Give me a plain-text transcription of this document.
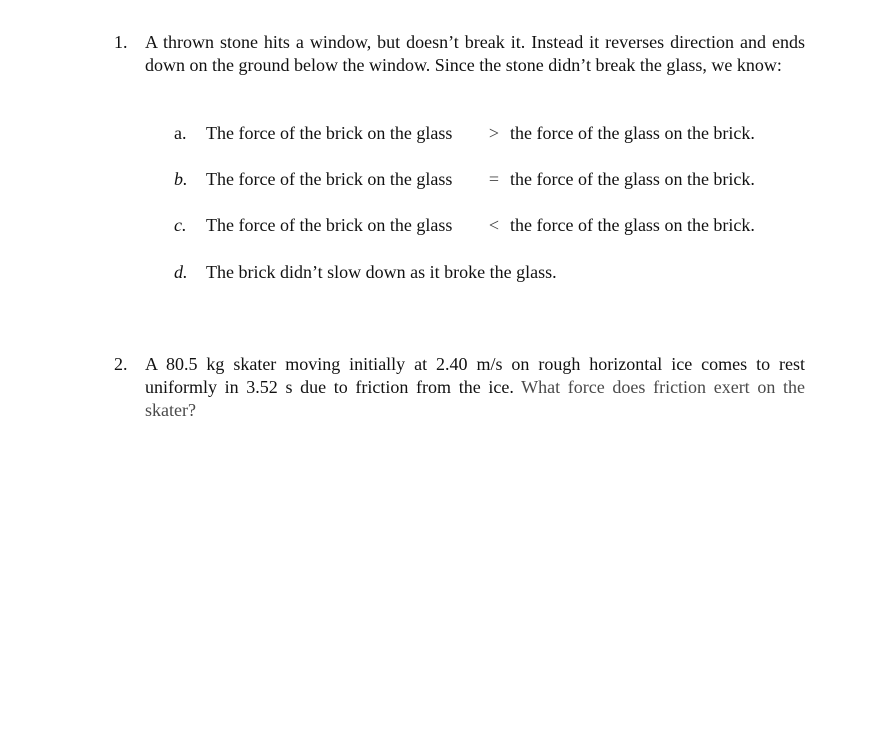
1. A thrown stone hits a window, but doesn’t break it. Instead it reverses direction and ends down on the ground below the window. Since the stone didn’t break the glass, we know:
a. The force of the brick on the glass > the force of the glass on the brick.
b. The force of the brick on the glass = the force of the glass on the brick.
c. The force of the brick on the glass < the force of the glass on the brick.
d. The brick didn’t slow down as it broke the glass.
2. A 80.5 kg skater moving initially at 2.40 m/s on rough horizontal ice comes to rest uniformly in 3.52 s due to friction from the ice. What force does friction exert on the skater?
